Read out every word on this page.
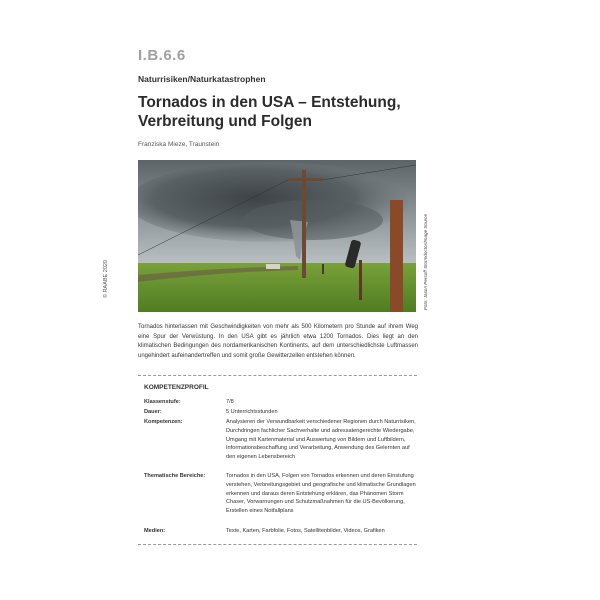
I.B.6.6
Naturrisiken/Naturkatastrophen
Tornados in den USA – Entstehung,
Verbreitung und Folgen
Franziska Mieze, Traunstein
© RAABE 2020	Foto: Jason Persoff Stormdoctor/Image Source
Tornados hinterlassen mit Geschwindigkeiten von mehr als 500 Kilometern pro Stunde auf ihrem Weg eine Spur der Verwüstung. In den USA gibt es jährlich etwa 1200 Tornados. Dies liegt an den klimatischen Bedingungen des nordamerikanischen Kontinents, auf dem unterschiedlichste Luftmassen ungehindert aufeinandertreffen und somit große Gewitterzellen entstehen können.
KOMPETENZPROFIL
Klassenstufe:	7/8
Dauer:	5 Unterrichtsstunden
Kompetenzen:	Analysieren der Verwundbarkeit verschiedener Regionen durch Naturrisiken, Durchdringen fachlicher Sachverhalte und adressatengerechte Wiedergabe, Umgang mit Kartenmaterial und Auswertung von Bildern und Luftbildern, Informationsbeschaffung und Verarbeitung, Anwendung des Gelernten auf den eigenen Lebensbereich
Thematische Bereiche:	Tornados in den USA, Folgen von Tornados erkennen und deren Einstufung verstehen, Verbreitungsgebiet und geografische und klimatische Grundlagen erkennen und daraus deren Entstehung erklären, das Phänomen Storm Chaser, Vorwarnungen und Schutzmaßnahmen für die US-Bevölkerung, Erstellen eines Notfallplans
Medien:	Texte, Karten, Farbfolie, Fotos, Satellitenbilder, Videos, Grafiken
